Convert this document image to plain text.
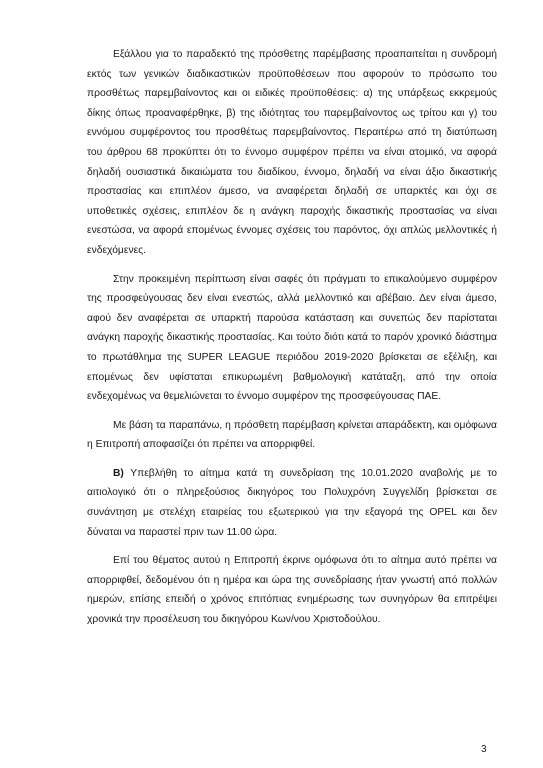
Εξάλλου για το παραδεκτό της πρόσθετης παρέμβασης προαπαιτείται η συνδρομή εκτός των γενικών διαδικαστικών προϋποθέσεων που αφορούν το πρόσωπο του προσθέτως παρεμβαίνοντος και οι ειδικές προϋποθέσεις: α) της υπάρξεως εκκρεμούς δίκης όπως προαναφέρθηκε, β) της ιδιότητας του παρεμβαίνοντος ως τρίτου και γ) του εννόμου συμφέροντος του προσθέτως παρεμβαίνοντος. Περαιτέρω από τη διατύπωση του άρθρου 68 προκύπτει ότι το έννομο συμφέρον πρέπει να είναι ατομικό, να αφορά δηλαδή ουσιαστικά δικαιώματα του διαδίκου, έννομο, δηλαδή να είναι άξιο δικαστικής προστασίας και επιπλέον άμεσο, να αναφέρεται δηλαδή σε υπαρκτές και όχι σε υποθετικές σχέσεις, επιπλέον δε η ανάγκη παροχής δικαστικής προστασίας να είναι ενεστώσα, να αφορά επομένως έννομες σχέσεις του παρόντος, όχι απλώς μελλοντικές ή ενδεχόμενες.

Στην προκειμένη περίπτωση είναι σαφές ότι πράγματι το επικαλούμενο συμφέρον της προσφεύγουσας δεν είναι ενεστώς, αλλά μελλοντικό και αβέβαιο. Δεν είναι άμεσο, αφού δεν αναφέρεται σε υπαρκτή παρούσα κατάσταση και συνεπώς δεν παρίσταται ανάγκη παροχής δικαστικής προστασίας. Και τούτο διότι κατά το παρόν χρονικό διάστημα το πρωτάθλημα της SUPER LEAGUE περιόδου 2019-2020 βρίσκεται σε εξέλιξη, και επομένως δεν υφίσταται επικυρωμένη βαθμολογική κατάταξη, από την οποία ενδεχομένως να θεμελιώνεται το έννομο συμφέρον της προσφεύγουσας ΠΑΕ.

Με βάση τα παραπάνω, η πρόσθετη παρέμβαση κρίνεται απαράδεκτη, και ομόφωνα η Επιτροπή αποφασίζει ότι πρέπει να απορριφθεί.

Β) Υπεβλήθη το αίτημα κατά τη συνεδρίαση της 10.01.2020 αναβολής με το αιτιολογικό ότι ο πληρεξούσιος δικηγόρος του Πολυχρόνη Συγγελίδη βρίσκεται σε συνάντηση με στελέχη εταιρείας του εξωτερικού για την εξαγορά της OPEL και δεν δύναται να παραστεί πριν των 11.00 ώρα.

Επί του θέματος αυτού η Επιτροπή έκρινε ομόφωνα ότι το αίτημα αυτό πρέπει να απορριφθεί, δεδομένου ότι η ημέρα και ώρα της συνεδρίασης ήταν γνωστή από πολλών ημερών, επίσης επειδή ο χρόνος επιτόπιας ενημέρωσης των συνηγόρων θα επιτρέψει χρονικά την προσέλευση του δικηγόρου Κων/νου Χριστοδούλου.

3
